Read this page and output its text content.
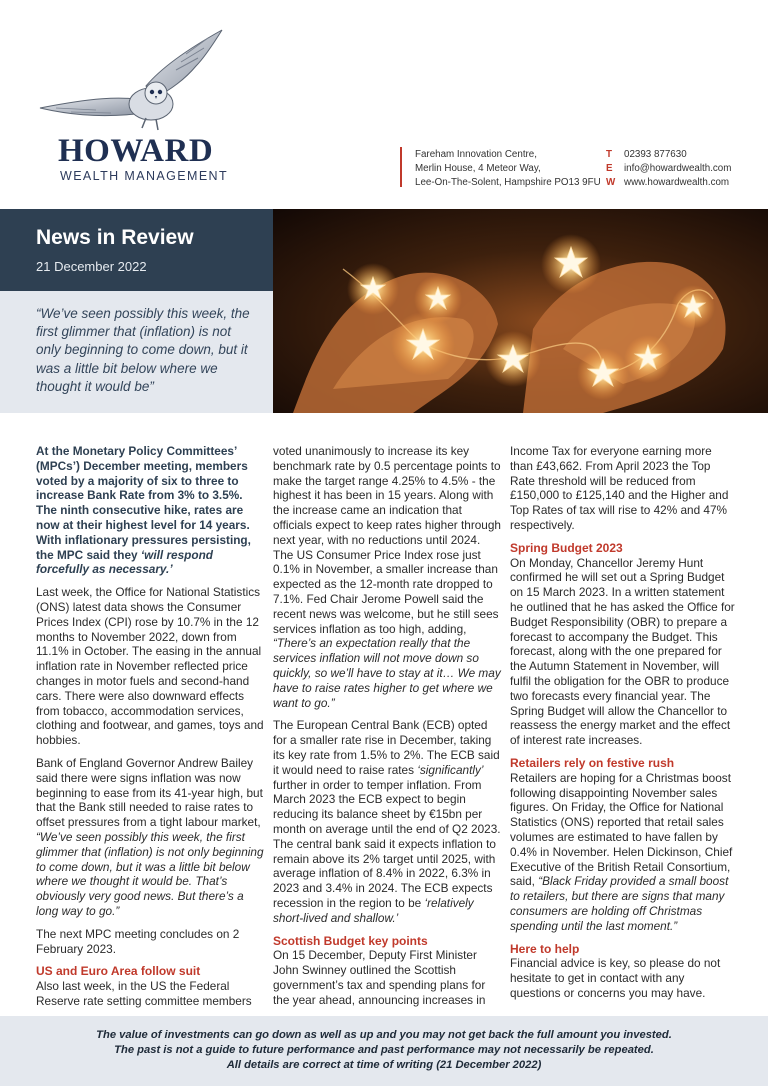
HOWARD
WEALTH MANAGEMENT
Fareham Innovation Centre,
Merlin House, 4 Meteor Way,
Lee-On-The-Solent, Hampshire PO13 9FU
T 02393 877630
E info@howardwealth.com
W www.howardwealth.com
News in Review
21 December 2022
“We’ve seen possibly this week, the first glimmer that (inflation) is not only beginning to come down, but it was a little bit below where we thought it would be”

At the Monetary Policy Committees’ (MPCs’) December meeting, members voted by a majority of six to three to increase Bank Rate from 3% to 3.5%. The ninth consecutive hike, rates are now at their highest level for 14 years. With inflationary pressures persisting, the MPC said they ‘will respond forcefully as necessary.’

Last week, the Office for National Statistics (ONS) latest data shows the Consumer Prices Index (CPI) rose by 10.7% in the 12 months to November 2022, down from 11.1% in October. The easing in the annual inflation rate in November reflected price changes in motor fuels and second-hand cars. There were also downward effects from tobacco, accommodation services, clothing and footwear, and games, toys and hobbies.

Bank of England Governor Andrew Bailey said there were signs inflation was now beginning to ease from its 41-year high, but that the Bank still needed to raise rates to offset pressures from a tight labour market, “We’ve seen possibly this week, the first glimmer that (inflation) is not only beginning to come down, but it was a little bit below where we thought it would be. That’s obviously very good news. But there’s a long way to go.”

The next MPC meeting concludes on 2 February 2023.

US and Euro Area follow suit

Also last week, in the US the Federal Reserve rate setting committee members

voted unanimously to increase its key benchmark rate by 0.5 percentage points to make the target range 4.25% to 4.5% - the highest it has been in 15 years. Along with the increase came an indication that officials expect to keep rates higher through next year, with no reductions until 2024. The US Consumer Price Index rose just 0.1% in November, a smaller increase than expected as the 12-month rate dropped to 7.1%. Fed Chair Jerome Powell said the recent news was welcome, but he still sees services inflation as too high, adding, “There’s an expectation really that the services inflation will not move down so quickly, so we’ll have to stay at it… We may have to raise rates higher to get where we want to go.”

The European Central Bank (ECB) opted for a smaller rate rise in December, taking its key rate from 1.5% to 2%. The ECB said it would need to raise rates ‘significantly’ further in order to temper inflation. From March 2023 the ECB expect to begin reducing its balance sheet by €15bn per month on average until the end of Q2 2023. The central bank said it expects inflation to remain above its 2% target until 2025, with average inflation of 8.4% in 2022, 6.3% in 2023 and 3.4% in 2024. The ECB expects recession in the region to be ‘relatively short-lived and shallow.’

Scottish Budget key points

On 15 December, Deputy First Minister John Swinney outlined the Scottish government’s tax and spending plans for the year ahead, announcing increases in

Income Tax for everyone earning more than £43,662. From April 2023 the Top Rate threshold will be reduced from £150,000 to £125,140 and the Higher and Top Rates of tax will rise to 42% and 47% respectively.

Spring Budget 2023

On Monday, Chancellor Jeremy Hunt confirmed he will set out a Spring Budget on 15 March 2023. In a written statement he outlined that he has asked the Office for Budget Responsibility (OBR) to prepare a forecast to accompany the Budget. This forecast, along with the one prepared for the Autumn Statement in November, will fulfil the obligation for the OBR to produce two forecasts every financial year. The Spring Budget will allow the Chancellor to reassess the energy market and the effect of interest rate increases.

Retailers rely on festive rush

Retailers are hoping for a Christmas boost following disappointing November sales figures. On Friday, the Office for National Statistics (ONS) reported that retail sales volumes are estimated to have fallen by 0.4% in November. Helen Dickinson, Chief Executive of the British Retail Consortium, said, “Black Friday provided a small boost to retailers, but there are signs that many consumers are holding off Christmas spending until the last moment.”

Here to help

Financial advice is key, so please do not hesitate to get in contact with any questions or concerns you may have.

The value of investments can go down as well as up and you may not get back the full amount you invested.
The past is not a guide to future performance and past performance may not necessarily be repeated.
All details are correct at time of writing (21 December 2022)
